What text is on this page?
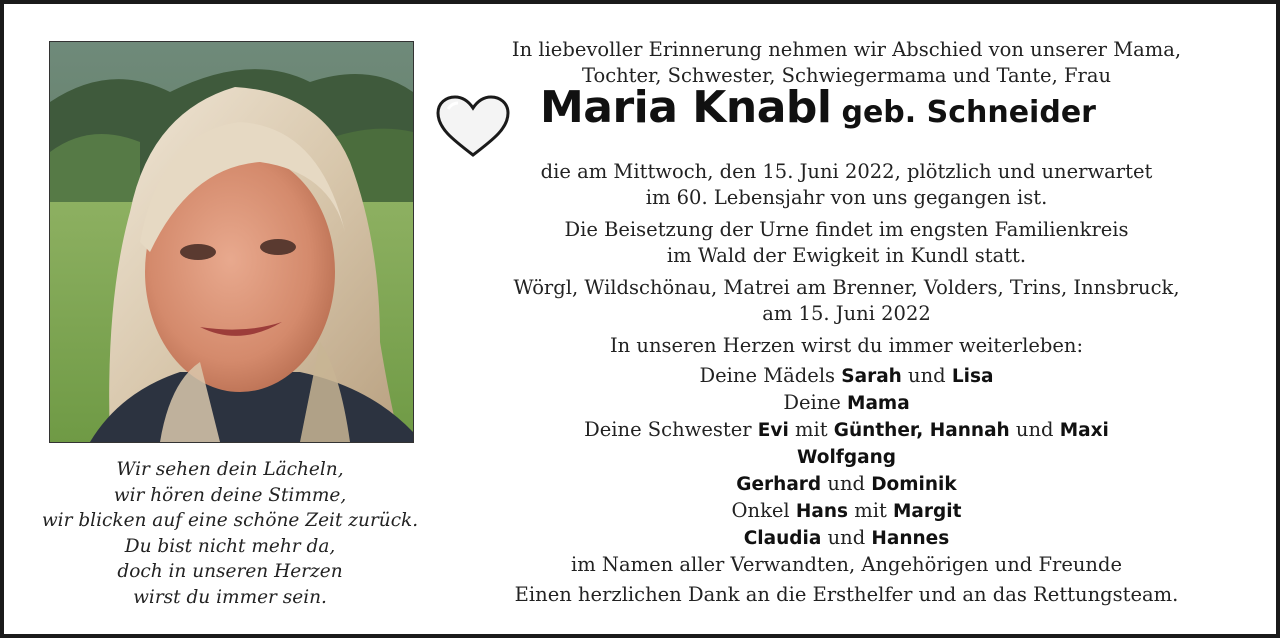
Wir sehen dein Lächeln,
wir hören deine Stimme,
wir blicken auf eine schöne Zeit zurück.
Du bist nicht mehr da,
doch in unseren Herzen
wirst du immer sein.
In liebevoller Erinnerung nehmen wir Abschied von unserer Mama,
Tochter, Schwester, Schwiegermama und Tante, Frau
Maria Knabl geb. Schneider
die am Mittwoch, den 15. Juni 2022, plötzlich und unerwartet
im 60. Lebensjahr von uns gegangen ist.
Die Beisetzung der Urne findet im engsten Familienkreis
im Wald der Ewigkeit in Kundl statt.
Wörgl, Wildschönau, Matrei am Brenner, Volders, Trins, Innsbruck,
am 15. Juni 2022
In unseren Herzen wirst du immer weiterleben:
Deine Mädels Sarah und Lisa
Deine Mama
Deine Schwester Evi mit Günther, Hannah und Maxi
Wolfgang
Gerhard und Dominik
Onkel Hans mit Margit
Claudia und Hannes
im Namen aller Verwandten, Angehörigen und Freunde
Einen herzlichen Dank an die Ersthelfer und an das Rettungsteam.
